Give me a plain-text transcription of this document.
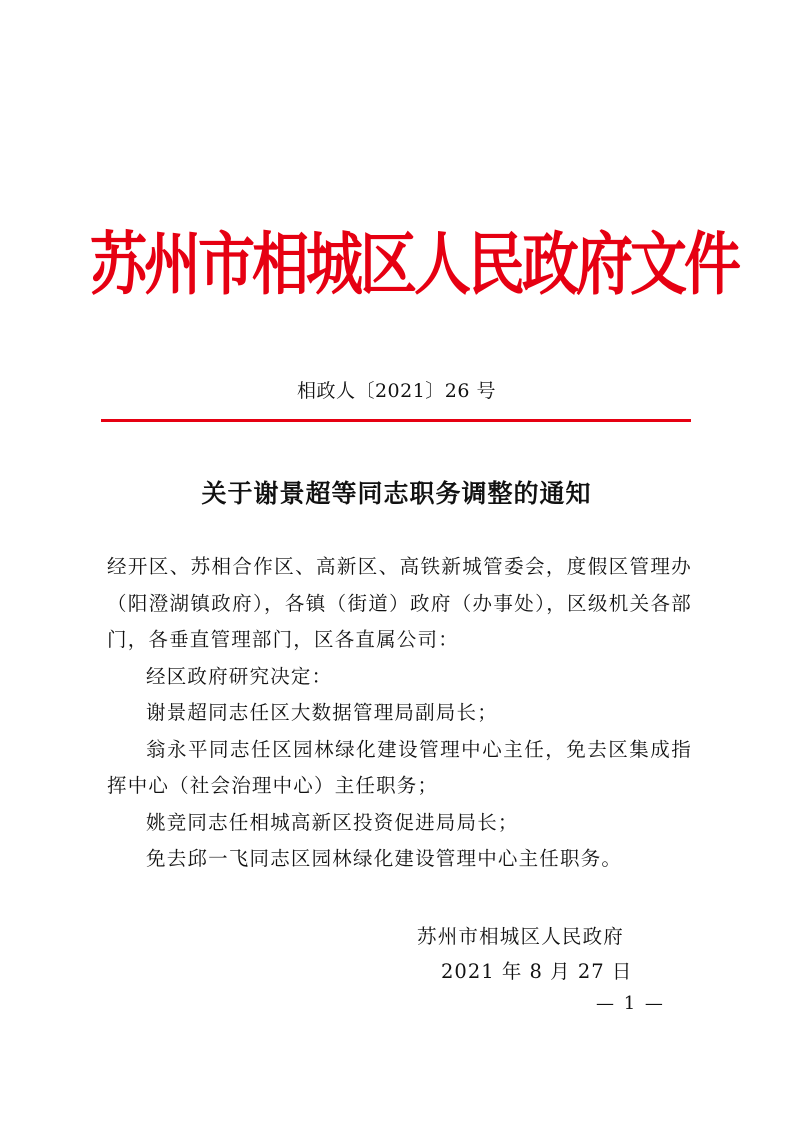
苏州市相城区人民政府文件
相政人〔2021〕26 号
关于谢景超等同志职务调整的通知

经开区、苏相合作区、高新区、高铁新城管委会，度假区管理办（阳澄湖镇政府），各镇（街道）政府（办事处），区级机关各部门，各垂直管理部门，区各直属公司：

经区政府研究决定：

谢景超同志任区大数据管理局副局长；

翁永平同志任区园林绿化建设管理中心主任，免去区集成指挥中心（社会治理中心）主任职务；

姚竞同志任相城高新区投资促进局局长；

免去邱一飞同志区园林绿化建设管理中心主任职务。

苏州市相城区人民政府
2021 年 8 月 27 日
— 1 —
